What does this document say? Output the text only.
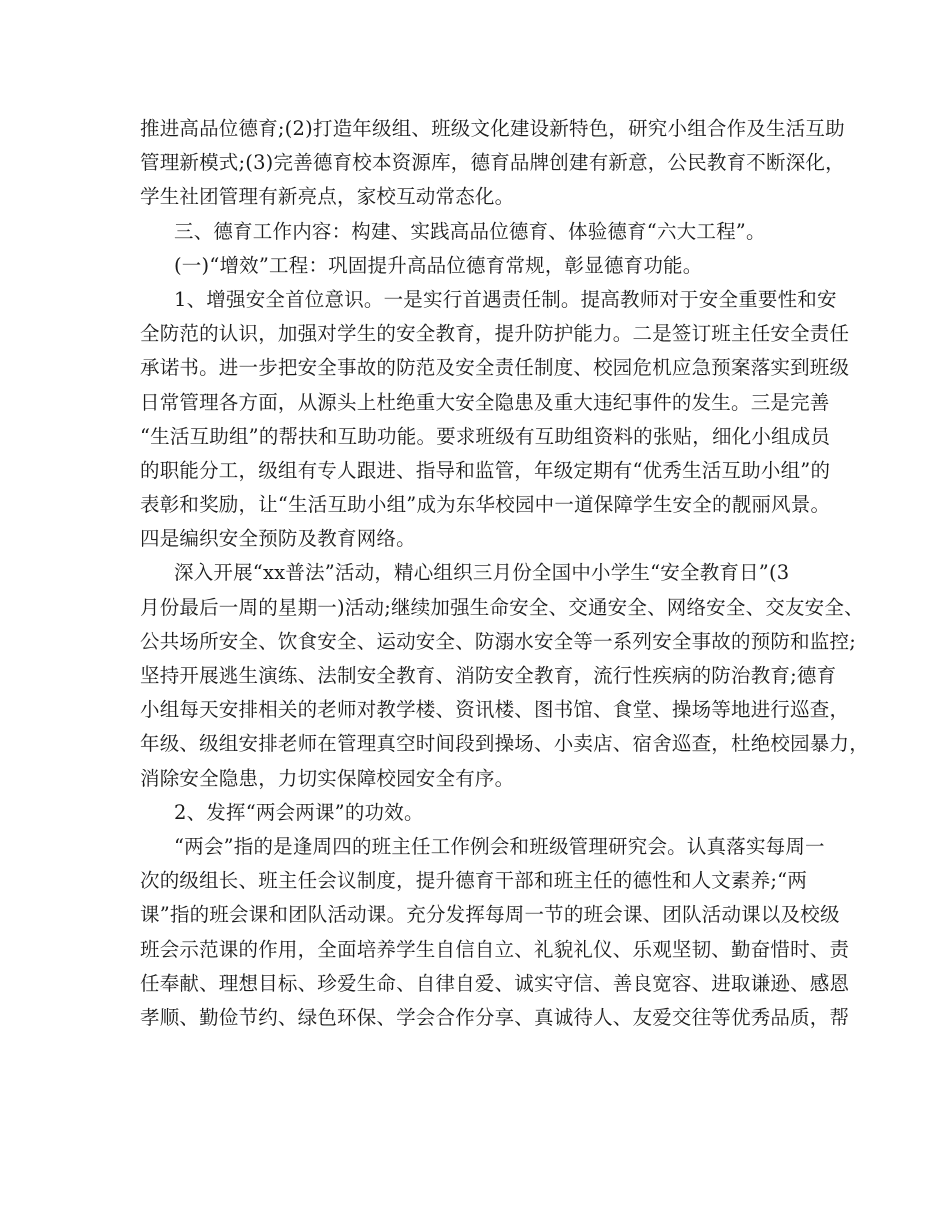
推进高品位德育;(2)打造年级组、班级文化建设新特色，研究小组合作及生活互助
管理新模式;(3)完善德育校本资源库，德育品牌创建有新意，公民教育不断深化，
学生社团管理有新亮点，家校互动常态化。
三、德育工作内容：构建、实践高品位德育、体验德育“六大工程”。
(一)“增效”工程：巩固提升高品位德育常规，彰显德育功能。
1、增强安全首位意识。一是实行首遇责任制。提高教师对于安全重要性和安
全防范的认识，加强对学生的安全教育，提升防护能力。二是签订班主任安全责任
承诺书。进一步把安全事故的防范及安全责任制度、校园危机应急预案落实到班级
日常管理各方面，从源头上杜绝重大安全隐患及重大违纪事件的发生。三是完善
“生活互助组”的帮扶和互助功能。要求班级有互助组资料的张贴，细化小组成员
的职能分工，级组有专人跟进、指导和监管，年级定期有“优秀生活互助小组”的
表彰和奖励，让“生活互助小组”成为东华校园中一道保障学生安全的靓丽风景。
四是编织安全预防及教育网络。
深入开展“xx普法”活动，精心组织三月份全国中小学生“安全教育日”(3
月份最后一周的星期一)活动;继续加强生命安全、交通安全、网络安全、交友安全、
公共场所安全、饮食安全、运动安全、防溺水安全等一系列安全事故的预防和监控;
坚持开展逃生演练、法制安全教育、消防安全教育，流行性疾病的防治教育;德育
小组每天安排相关的老师对教学楼、资讯楼、图书馆、食堂、操场等地进行巡查，
年级、级组安排老师在管理真空时间段到操场、小卖店、宿舍巡查，杜绝校园暴力，
消除安全隐患，力切实保障校园安全有序。
2、发挥“两会两课”的功效。
“两会”指的是逢周四的班主任工作例会和班级管理研究会。认真落实每周一
次的级组长、班主任会议制度，提升德育干部和班主任的德性和人文素养;“两
课”指的班会课和团队活动课。充分发挥每周一节的班会课、团队活动课以及校级
班会示范课的作用，全面培养学生自信自立、礼貌礼仪、乐观坚韧、勤奋惜时、责
任奉献、理想目标、珍爱生命、自律自爱、诚实守信、善良宽容、进取谦逊、感恩
孝顺、勤俭节约、绿色环保、学会合作分享、真诚待人、友爱交往等优秀品质，帮
